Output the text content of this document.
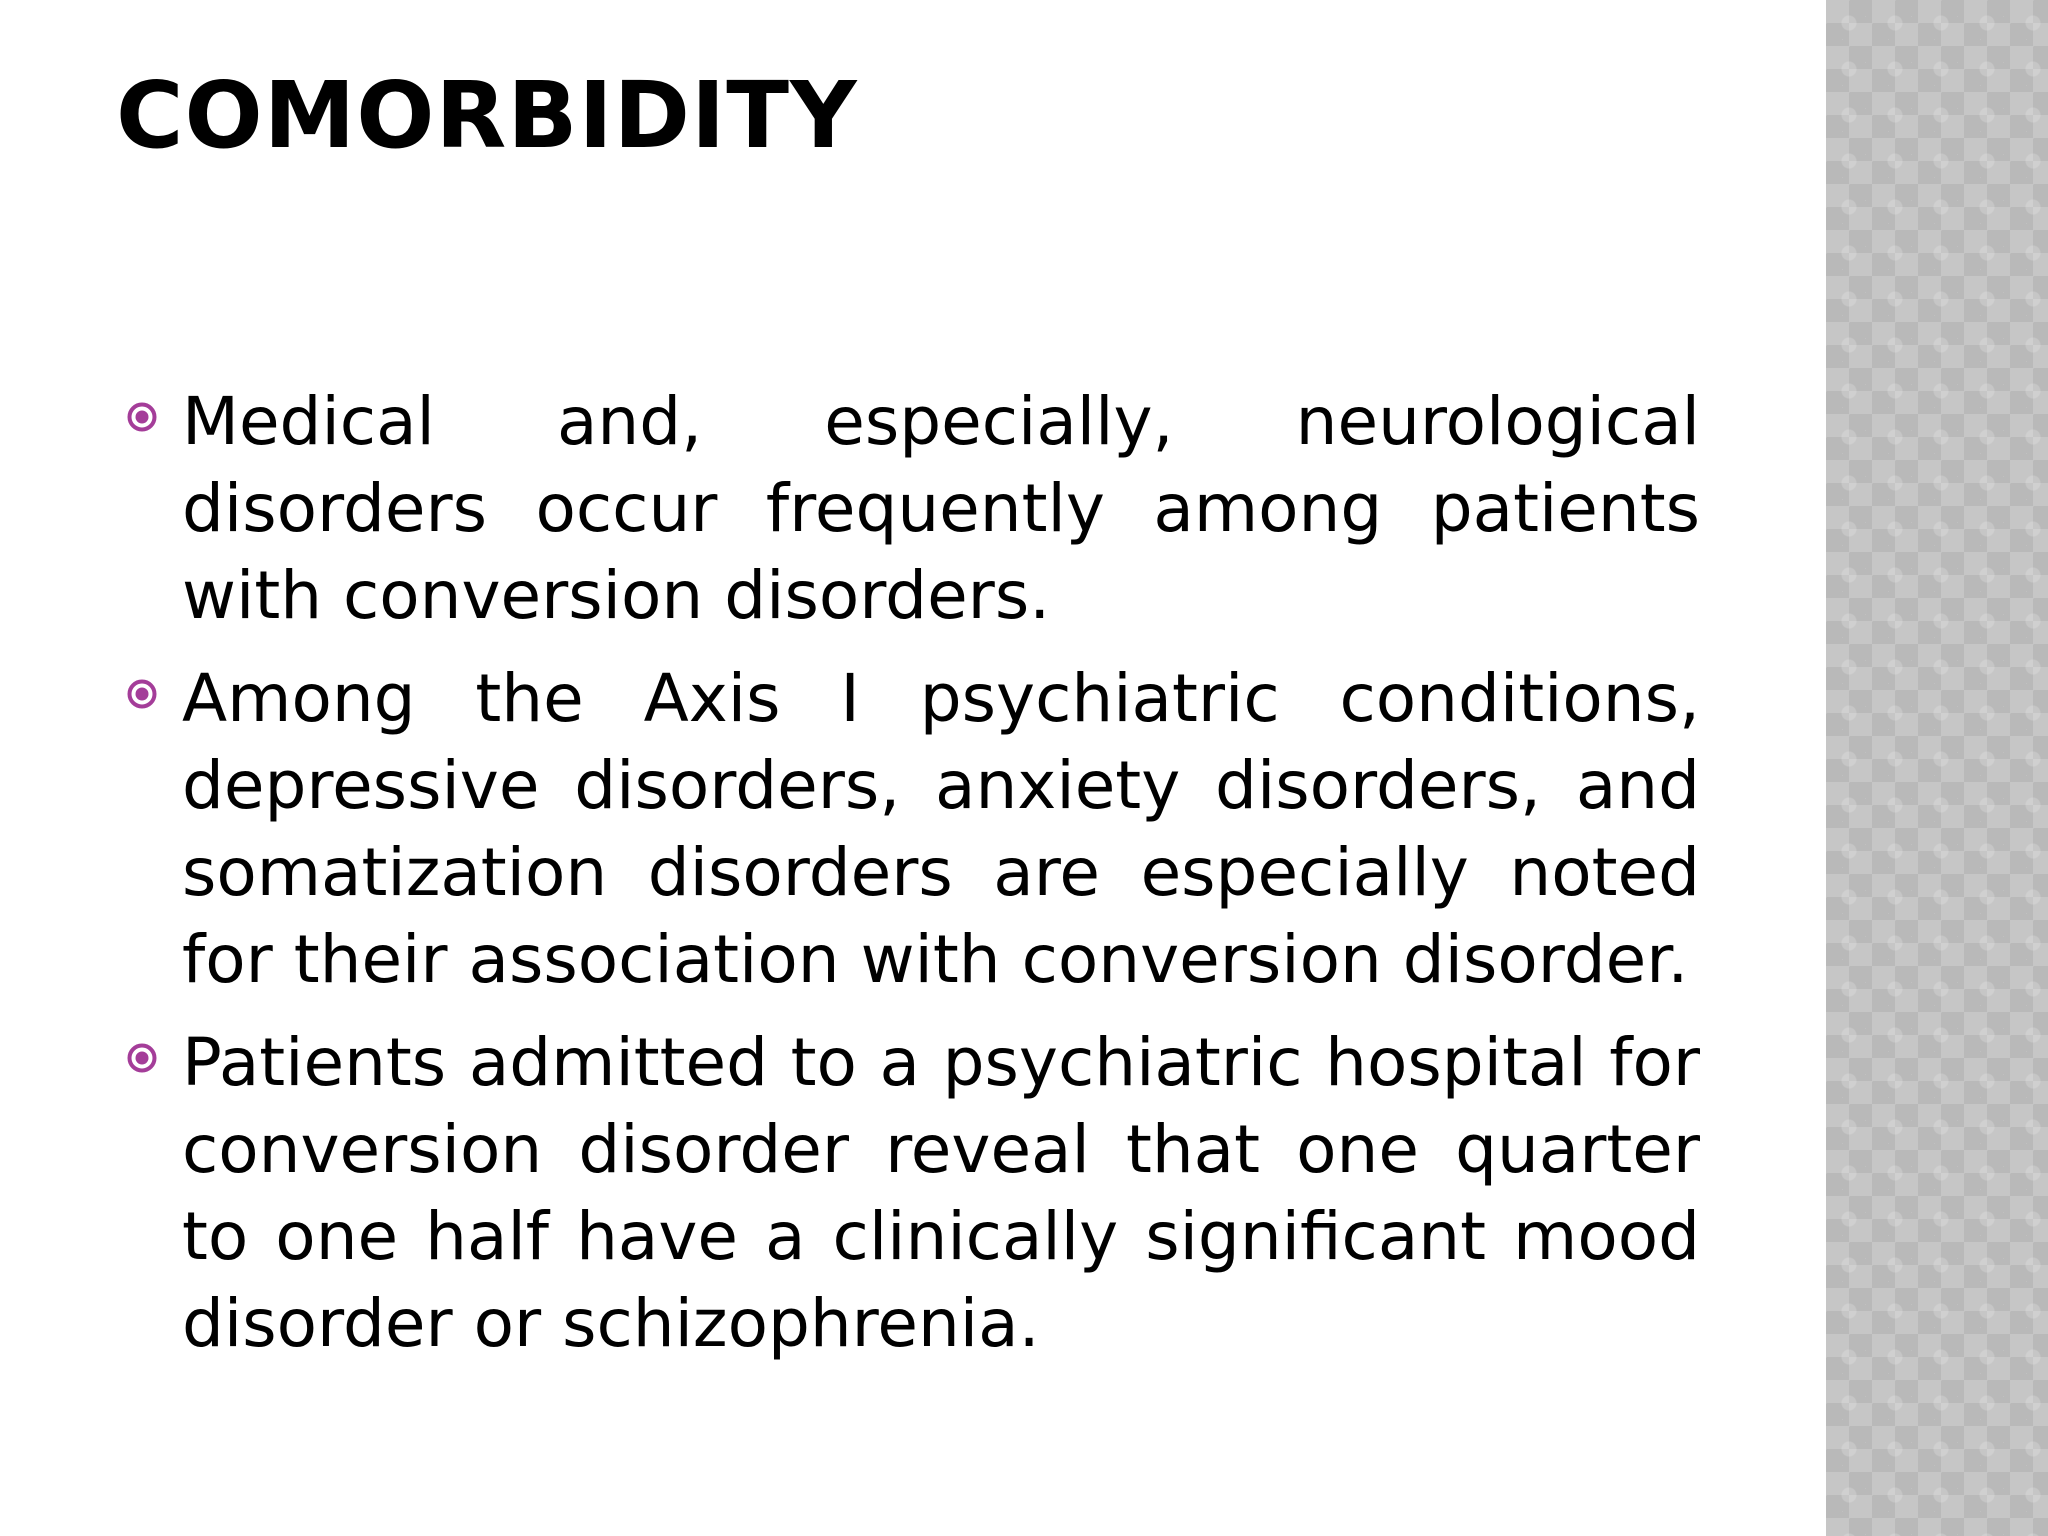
COMORBIDITY
Medical and, especially, neurological disorders occur frequently among patients with conversion disorders.
Among the Axis I psychiatric conditions, depressive disorders, anxiety disorders, and somatization disorders are especially noted for their association with conversion disorder.
Patients admitted to a psychiatric hospital for conversion disorder reveal that one quarter to one half have a clinically significant mood disorder or schizophrenia.
